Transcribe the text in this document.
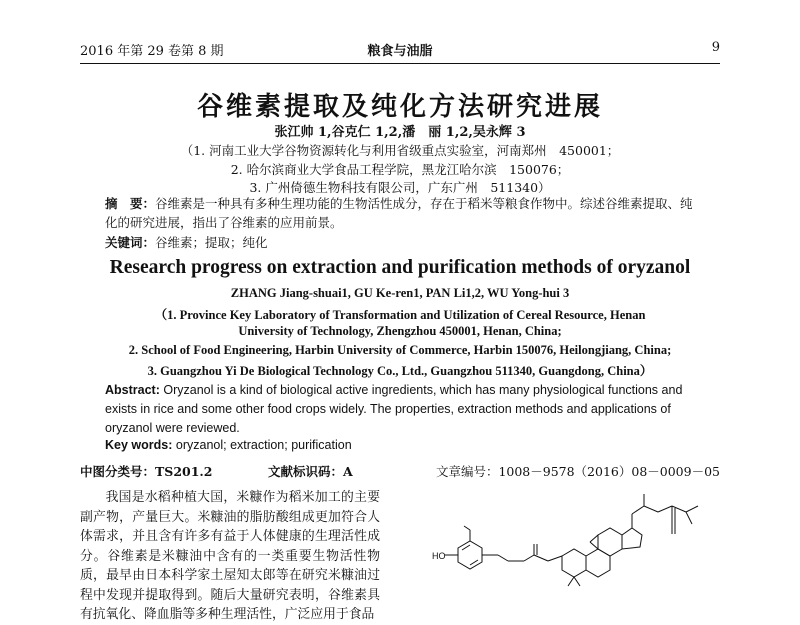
2016 年第 29 卷第 8 期	粮食与油脂	9
谷维素提取及纯化方法研究进展
张江帅 1,谷克仁 1,2,潘　丽 1,2,吴永辉 3
（1. 河南工业大学谷物资源转化与利用省级重点实验室，河南郑州　450001；
2. 哈尔滨商业大学食品工程学院，黑龙江哈尔滨　150076；
3. 广州倚德生物科技有限公司，广东广州　511340）
摘　要：谷维素是一种具有多种生理功能的生物活性成分，存在于稻米等粮食作物中。综述谷维素提取、纯化的研究进展，指出了谷维素的应用前景。
关键词：谷维素；提取；纯化
Research progress on extraction and purification methods of oryzanol
ZHANG Jiang-shuai1, GU Ke-ren1, PAN Li1,2, WU Yong-hui 3
（1. Province Key Laboratory of Transformation and Utilization of Cereal Resource, Henan
University of Technology, Zhengzhou 450001, Henan, China;
2. School of Food Engineering, Harbin University of Commerce, Harbin 150076, Heilongjiang, China;
3. Guangzhou Yi De Biological Technology Co., Ltd., Guangzhou 511340, Guangdong, China）
Abstract: Oryzanol is a kind of biological active ingredients, which has many physiological functions and exists in rice and some other food crops widely. The properties, extraction methods and applications of oryzanol were reviewed.
Key words: oryzanol; extraction; purification
中图分类号：TS201.2	文献标识码：A	文章编号：1008－9578（2016）08－0009－05
我国是水稻种植大国，米糠作为稻米加工的主要副产物，产量巨大。米糠油的脂肪酸组成更加符合人体需求，并且含有许多有益于人体健康的生理活性成分。谷维素是米糠油中含有的一类重要生物活性物质，最早由日本科学家土屋知太郎等在研究米糠油过程中发现并提取得到。随后大量研究表明，谷维素具有抗氧化、降血脂等多种生理活性，广泛应用于食品
HO
